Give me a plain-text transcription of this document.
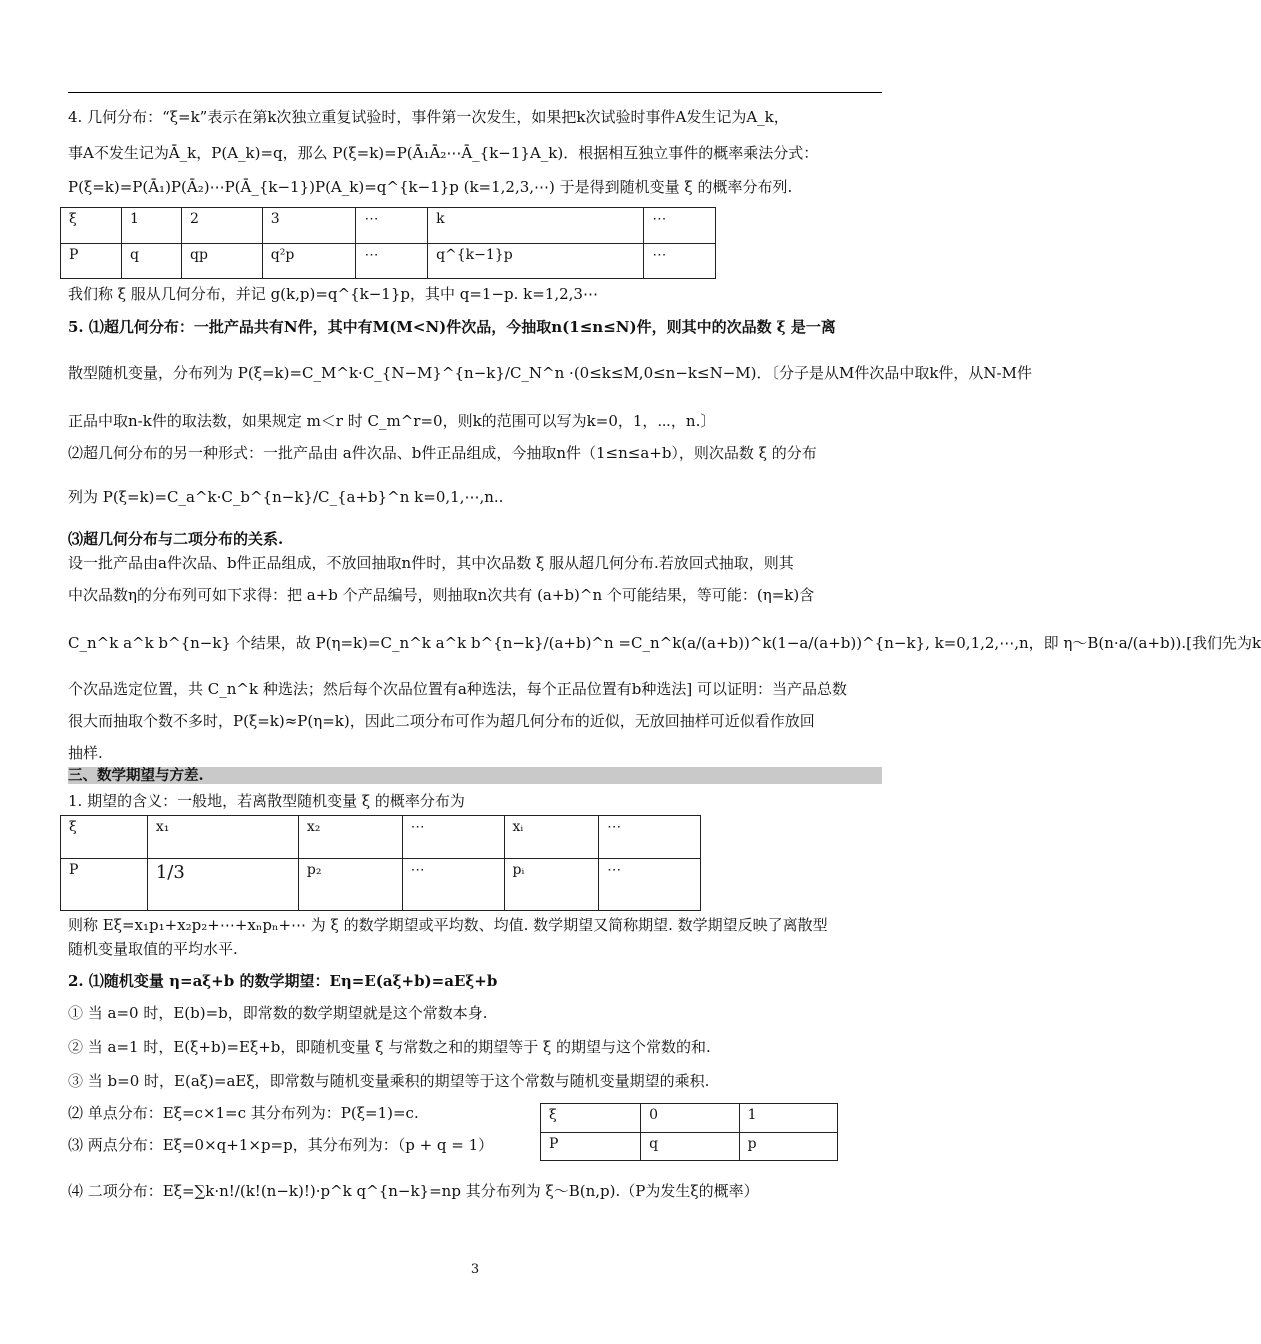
4. 几何分布：“ξ=k”表示在第k次独立重复试验时，事件第一次发生，如果把k次试验时事件A发生记为A_k，
事A不发生记为Ā_k，P(A_k)=q，那么 P(ξ=k)=P(Ā₁Ā₂⋯Ā_{k−1}A_k)．根据相互独立事件的概率乘法分式：
P(ξ=k)=P(Ā₁)P(Ā₂)⋯P(Ā_{k−1})P(A_k)=q^{k−1}p (k=1,2,3,⋯) 于是得到随机变量 ξ 的概率分布列.
ξ	1	2	3	⋯	k	⋯
P	q	qp	q²p	⋯	q^{k−1}p	⋯
我们称 ξ 服从几何分布，并记 g(k,p)=q^{k−1}p，其中 q=1−p. k=1,2,3⋯
5. ⑴超几何分布：一批产品共有N件，其中有M(M<N)件次品，今抽取n(1≤n≤N)件，则其中的次品数 ξ 是一离
散型随机变量，分布列为 P(ξ=k)=C_M^k·C_{N−M}^{n−k}/C_N^n ·(0≤k≤M,0≤n−k≤N−M)．〔分子是从M件次品中取k件，从N-M件
正品中取n-k件的取法数，如果规定 m＜r 时 C_m^r=0，则k的范围可以写为k=0，1，⋯，n.〕
⑵超几何分布的另一种形式：一批产品由 a件次品、b件正品组成，今抽取n件（1≤n≤a+b），则次品数 ξ 的分布
列为 P(ξ=k)=C_a^k·C_b^{n−k}/C_{a+b}^n k=0,1,⋯,n..
⑶超几何分布与二项分布的关系.
设一批产品由a件次品、b件正品组成，不放回抽取n件时，其中次品数 ξ 服从超几何分布.若放回式抽取，则其
中次品数η的分布列可如下求得：把 a+b 个产品编号，则抽取n次共有 (a+b)^n 个可能结果，等可能：(η=k)含
C_n^k a^k b^{n−k} 个结果，故 P(η=k)=C_n^k a^k b^{n−k}/(a+b)^n =C_n^k(a/(a+b))^k(1−a/(a+b))^{n−k}, k=0,1,2,⋯,n，即 η～B(n·a/(a+b)).[我们先为k
个次品选定位置，共 C_n^k 种选法；然后每个次品位置有a种选法，每个正品位置有b种选法] 可以证明：当产品总数
很大而抽取个数不多时，P(ξ=k)≈P(η=k)，因此二项分布可作为超几何分布的近似，无放回抽样可近似看作放回
抽样.
三、数学期望与方差.
1. 期望的含义：一般地，若离散型随机变量 ξ 的概率分布为
ξ	x₁	x₂	⋯	xᵢ	⋯
P	1/3	p₂	⋯	pᵢ	⋯
则称 Eξ=x₁p₁+x₂p₂+⋯+xₙpₙ+⋯ 为 ξ 的数学期望或平均数、均值. 数学期望又简称期望. 数学期望反映了离散型
随机变量取值的平均水平.
2. ⑴随机变量 η=aξ+b 的数学期望：Eη=E(aξ+b)=aEξ+b
① 当 a=0 时，E(b)=b，即常数的数学期望就是这个常数本身.
② 当 a=1 时，E(ξ+b)=Eξ+b，即随机变量 ξ 与常数之和的期望等于 ξ 的期望与这个常数的和.
③ 当 b=0 时，E(aξ)=aEξ，即常数与随机变量乘积的期望等于这个常数与随机变量期望的乘积.
⑵ 单点分布：Eξ=c×1=c 其分布列为：P(ξ=1)=c.
⑶ 两点分布：Eξ=0×q+1×p=p，其分布列为：（p + q = 1）
ξ	0	1
P	q	p
⑷ 二项分布：Eξ=∑k·n!/(k!(n−k)!)·p^k q^{n−k}=np 其分布列为 ξ～B(n,p).（P为发生ξ的概率）
3
